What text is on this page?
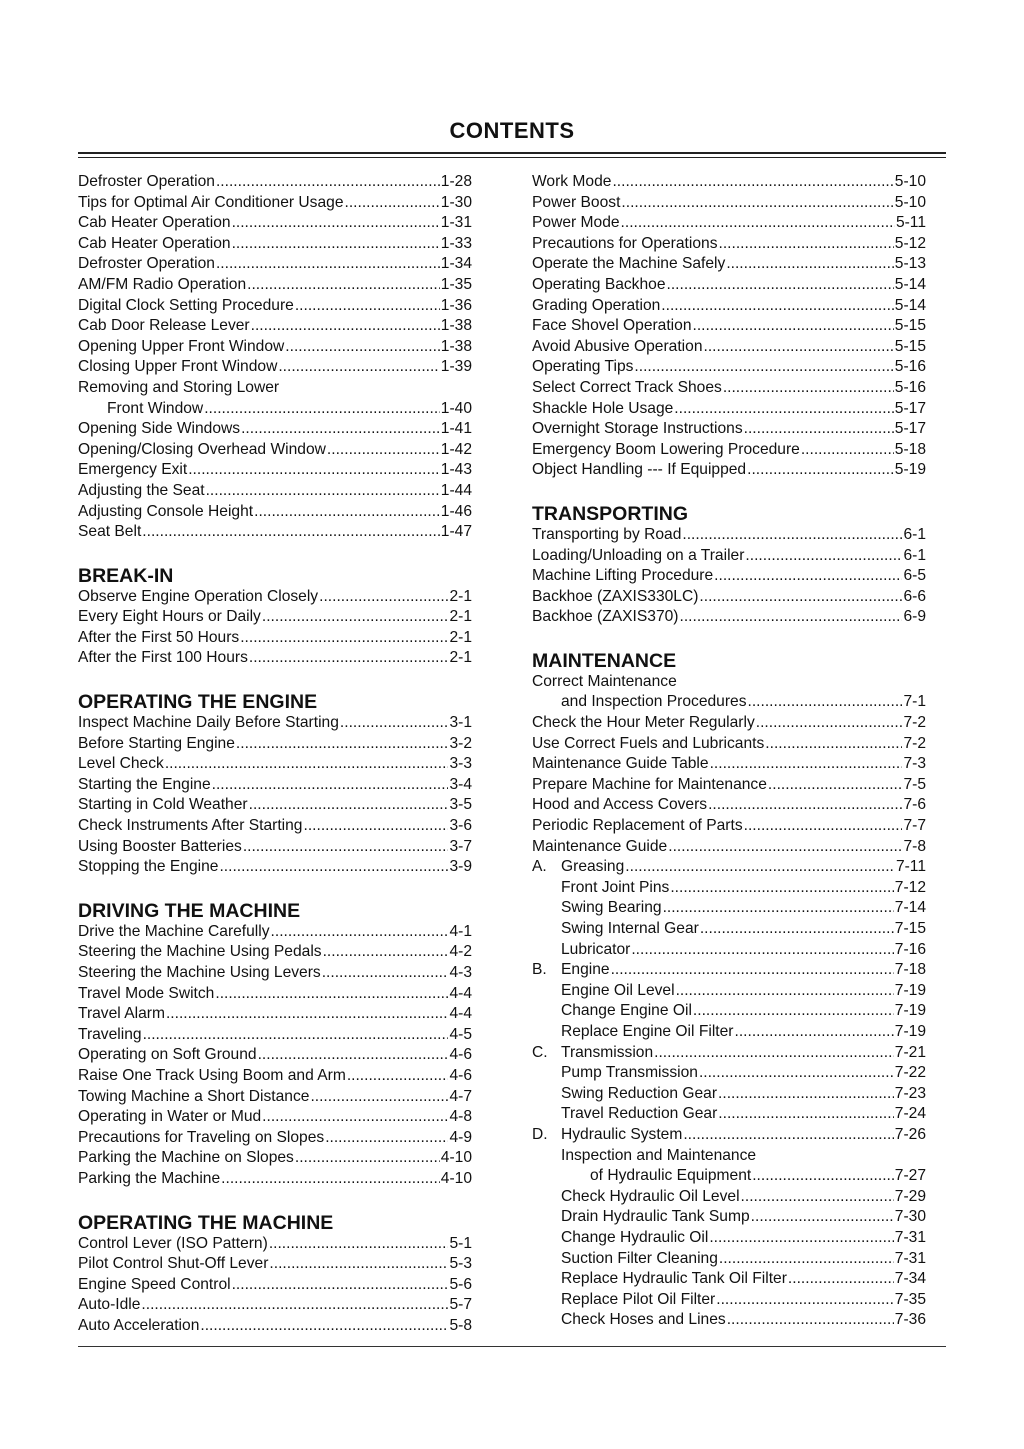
CONTENTS
Defroster Operation .....	1-28
Tips for Optimal Air Conditioner Usage .....	1-30
Cab Heater Operation .....	1-31
Cab Heater Operation .....	1-33
Defroster Operation .....	1-34
AM/FM Radio Operation .....	1-35
Digital Clock Setting Procedure .....	1-36
Cab Door Release Lever .....	1-38
Opening Upper Front Window .....	1-38
Closing Upper Front Window .....	1-39
Removing and Storing Lower
Front Window .....	1-40
Opening Side Windows .....	1-41
Opening/Closing Overhead Window .....	1-42
Emergency Exit .....	1-43
Adjusting the Seat .....	1-44
Adjusting Console Height .....	1-46
Seat Belt .....	1-47
BREAK-IN
Observe Engine Operation Closely .....	2-1
Every Eight Hours or Daily .....	2-1
After the First 50 Hours .....	2-1
After the First 100 Hours .....	2-1
OPERATING THE ENGINE
Inspect Machine Daily Before Starting .....	3-1
Before Starting Engine .....	3-2
Level Check .....	3-3
Starting the Engine .....	3-4
Starting in Cold Weather .....	3-5
Check Instruments After Starting .....	3-6
Using Booster Batteries .....	3-7
Stopping the Engine .....	3-9
DRIVING THE MACHINE
Drive the Machine Carefully .....	4-1
Steering the Machine Using Pedals .....	4-2
Steering the Machine Using Levers .....	4-3
Travel Mode Switch .....	4-4
Travel Alarm .....	4-4
Traveling .....	4-5
Operating on Soft Ground .....	4-6
Raise One Track Using Boom and Arm .....	4-6
Towing Machine a Short Distance .....	4-7
Operating in Water or Mud .....	4-8
Precautions for Traveling on Slopes .....	4-9
Parking the Machine on Slopes .....	4-10
Parking the Machine .....	4-10
OPERATING THE MACHINE
Control Lever (ISO Pattern) .....	5-1
Pilot Control Shut-Off Lever .....	5-3
Engine Speed Control .....	5-6
Auto-Idle .....	5-7
Auto Acceleration .....	5-8
Work Mode .....	5-10
Power Boost .....	5-10
Power Mode .....	5-11
Precautions for Operations .....	5-12
Operate the Machine Safely .....	5-13
Operating Backhoe .....	5-14
Grading Operation .....	5-14
Face Shovel Operation .....	5-15
Avoid Abusive Operation .....	5-15
Operating Tips .....	5-16
Select Correct Track Shoes .....	5-16
Shackle Hole Usage .....	5-17
Overnight Storage Instructions .....	5-17
Emergency Boom Lowering Procedure .....	5-18
Object Handling --- If Equipped .....	5-19
TRANSPORTING
Transporting by Road .....	6-1
Loading/Unloading on a Trailer .....	6-1
Machine Lifting Procedure .....	6-5
Backhoe (ZAXIS330LC) .....	6-6
Backhoe (ZAXIS370) .....	6-9
MAINTENANCE
Correct Maintenance
and Inspection Procedures .....	7-1
Check the Hour Meter Regularly .....	7-2
Use Correct Fuels and Lubricants .....	7-2
Maintenance Guide Table .....	7-3
Prepare Machine for Maintenance .....	7-5
Hood and Access Covers .....	7-6
Periodic Replacement of Parts .....	7-7
Maintenance Guide .....	7-8
A. Greasing .....	7-11
Front Joint Pins .....	7-12
Swing Bearing .....	7-14
Swing Internal Gear .....	7-15
Lubricator .....	7-16
B. Engine .....	7-18
Engine Oil Level .....	7-19
Change Engine Oil .....	7-19
Replace Engine Oil Filter .....	7-19
C. Transmission .....	7-21
Pump Transmission .....	7-22
Swing Reduction Gear .....	7-23
Travel Reduction Gear .....	7-24
D. Hydraulic System .....	7-26
Inspection and Maintenance
of Hydraulic Equipment .....	7-27
Check Hydraulic Oil Level .....	7-29
Drain Hydraulic Tank Sump .....	7-30
Change Hydraulic Oil .....	7-31
Suction Filter Cleaning .....	7-31
Replace Hydraulic Tank Oil Filter .....	7-34
Replace Pilot Oil Filter .....	7-35
Check Hoses and Lines .....	7-36
